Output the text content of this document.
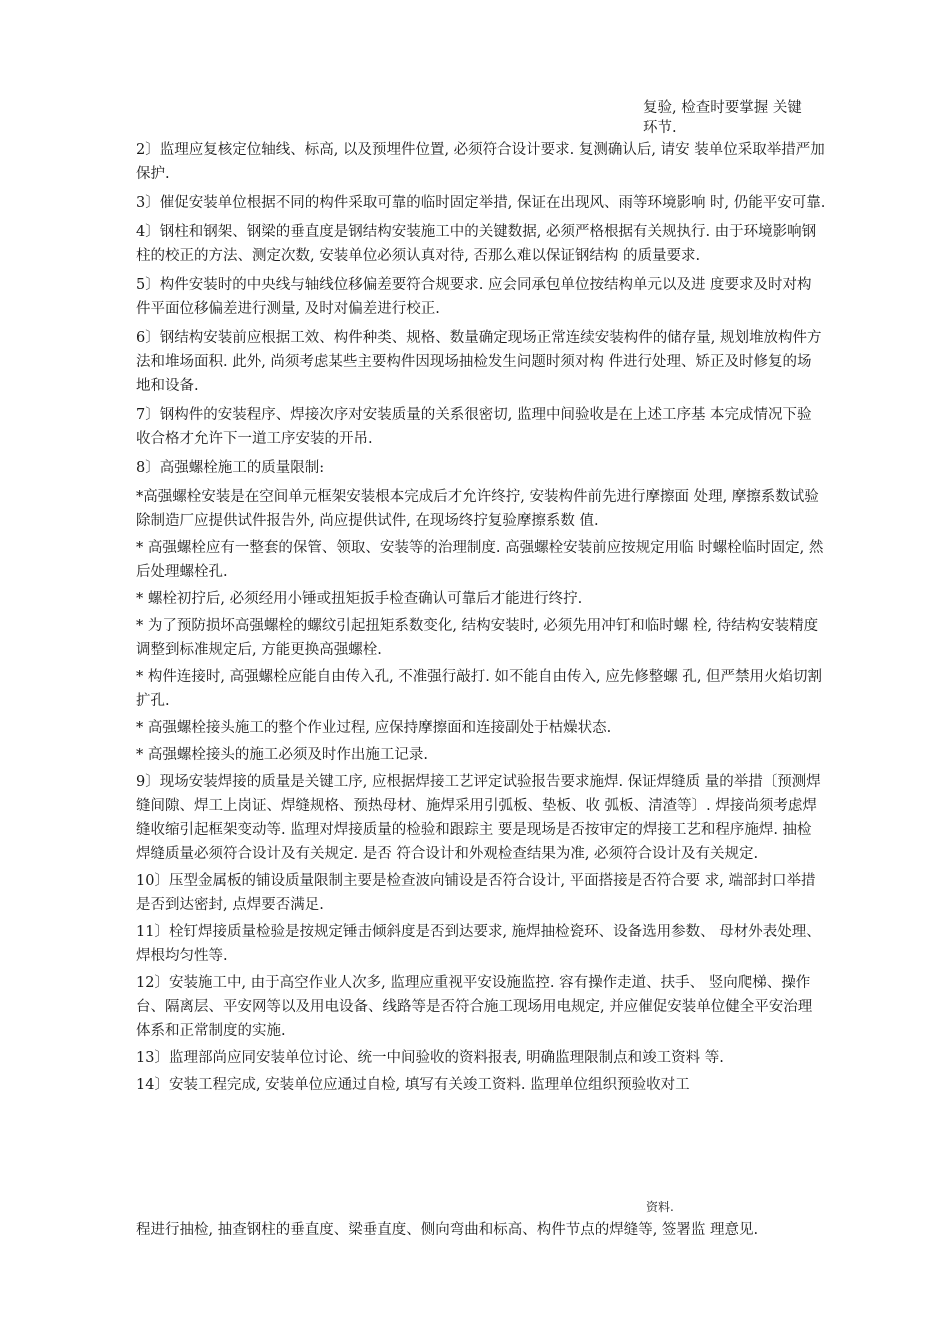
复验, 检查时要掌握 关键
环节.

2〕监理应复核定位轴线、标高, 以及预埋件位置, 必须符合设计要求. 复测确认后, 请安 装单位采取举措严加保护.

3〕催促安装单位根据不同的构件采取可靠的临时固定举措, 保证在出现风、雨等环境影响 时, 仍能平安可靠.

4〕钢柱和钢架、钢梁的垂直度是钢结构安装施工中的关键数据, 必须严格根据有关规执行. 由于环境影响钢柱的校正的方法、测定次数, 安装单位必须认真对待, 否那么难以保证钢结构 的质量要求.

5〕构件安装时的中央线与轴线位移偏差要符合规要求. 应会同承包单位按结构单元以及进 度要求及时对构件平面位移偏差进行测量, 及时对偏差进行校正.

6〕钢结构安装前应根据工效、构件种类、规格、数量确定现场正常连续安装构件的储存量, 规划堆放构件方法和堆场面积. 此外, 尚须考虑某些主要构件因现场抽检发生问题时须对构 件进行处理、矫正及时修复的场地和设备.

7〕钢构件的安装程序、焊接次序对安装质量的关系很密切, 监理中间验收是在上述工序基 本完成情况下验收合格才允许下一道工序安装的开吊.

8〕高强螺栓施工的质量限制:

*高强螺栓安装是在空间单元框架安装根本完成后才允许终拧, 安装构件前先进行摩擦面 处理, 摩擦系数试验除制造厂应提供试件报告外, 尚应提供试件, 在现场终拧复验摩擦系数 值.

* 高强螺栓应有一整套的保管、领取、安装等的治理制度. 高强螺栓安装前应按规定用临 时螺栓临时固定, 然后处理螺栓孔.

* 螺栓初拧后, 必须经用小锤或扭矩扳手检查确认可靠后才能进行终拧.

* 为了预防损坏高强螺栓的螺纹引起扭矩系数变化, 结构安装时, 必须先用冲钉和临时螺 栓, 待结构安装精度调整到标准规定后, 方能更换高强螺栓.

* 构件连接时, 高强螺栓应能自由传入孔, 不准强行敲打. 如不能自由传入, 应先修整螺 孔, 但严禁用火焰切割扩孔.

* 高强螺栓接头施工的整个作业过程, 应保持摩擦面和连接副处于枯燥状态.

* 高强螺栓接头的施工必须及时作出施工记录.

9〕现场安装焊接的质量是关键工序, 应根据焊接工艺评定试验报告要求施焊. 保证焊缝质 量的举措〔预测焊缝间隙、焊工上岗证、焊缝规格、预热母材、施焊采用引弧板、垫板、收 弧板、清渣等〕. 焊接尚须考虑焊缝收缩引起框架变动等. 监理对焊接质量的检验和跟踪主 要是现场是否按审定的焊接工艺和程序施焊. 抽检焊缝质量必须符合设计及有关规定. 是否 符合设计和外观检查结果为准, 必须符合设计及有关规定.

10〕压型金属板的铺设质量限制主要是检查波向铺设是否符合设计, 平面搭接是否符合要 求, 端部封口举措是否到达密封, 点焊要否满足.

11〕栓钉焊接质量检验是按规定锤击倾斜度是否到达要求, 施焊抽检瓷环、设备选用参数、 母材外表处理、焊根均匀性等.

12〕安装施工中, 由于高空作业人次多, 监理应重视平安设施监控. 容有操作走道、扶手、 竖向爬梯、操作台、隔离层、平安网等以及用电设备、线路等是否符合施工现场用电规定, 并应催促安装单位健全平安治理体系和正常制度的实施.

13〕监理部尚应同安装单位讨论、统一中间验收的资料报表, 明确监理限制点和竣工资料 等.

14〕安装工程完成, 安装单位应通过自检, 填写有关竣工资料. 监理单位组织预验收对工

资料.
程进行抽检, 抽查钢柱的垂直度、梁垂直度、侧向弯曲和标高、构件节点的焊缝等, 签署监 理意见.
